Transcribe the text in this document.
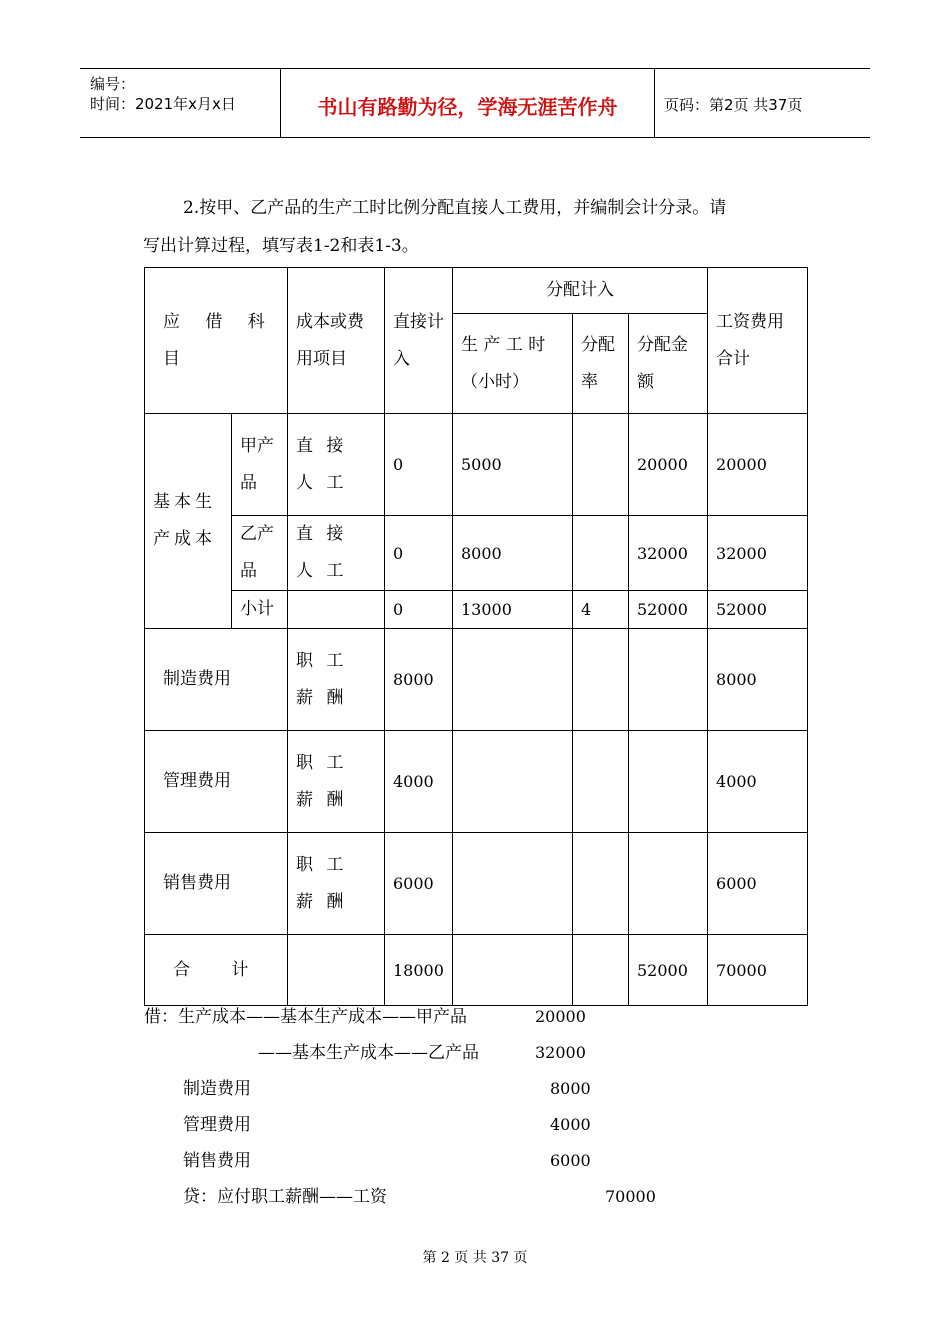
编号：
时间：2021年x月x日	书山有路勤为径，学海无涯苦作舟	页码：第2页 共37页
2.按甲、乙产品的生产工时比例分配直接人工费用，并编制会计分录。请
写出计算过程，填写表1-2和表1-3。
应 借 科 目		成本或费用项目	直接计入	分配计入			工资费用合计
				生 产 工 时（小时）	分配率	分配金额	
基本生产成本	甲产品	直 接 人 工	0	5000		20000	20000
	乙产品	直 接 人 工	0	8000		32000	32000
	小计		0	13000	4	52000	52000
制造费用		职 工 薪 酬	8000				8000
管理费用		职 工 薪 酬	4000				4000
销售费用		职 工 薪 酬	6000				6000
合 计			18000			52000	70000
借：生产成本——基本生产成本——甲产品	20000
——基本生产成本——乙产品	32000
制造费用	8000
管理费用	4000
销售费用	6000
贷：应付职工薪酬——工资	70000
第 2 页 共 37 页
